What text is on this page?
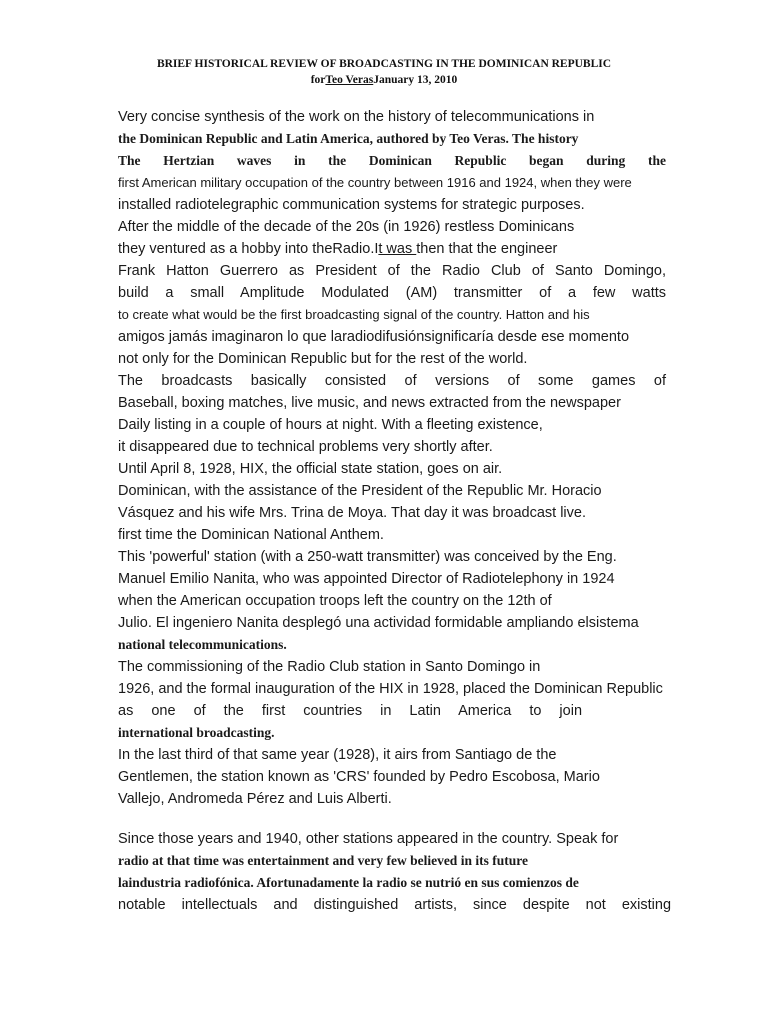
BRIEF HISTORICAL REVIEW OF BROADCASTING IN THE DOMINICAN REPUBLIC
forTeo VerasJanuary 13, 2010
Very concise synthesis of the work on the history of telecommunications in
the Dominican Republic and Latin America, authored by Teo Veras. The history
The Hertzian waves in the Dominican Republic began during the
first American military occupation of the country between 1916 and 1924, when they were
installed radiotelegraphic communication systems for strategic purposes.
After the middle of the decade of the 20s (in 1926) restless Dominicans
they ventured as a hobby into theRadio.It was then that the engineer
Frank Hatton Guerrero as President of the Radio Club of Santo Domingo,
build a small Amplitude Modulated (AM) transmitter of a few watts
to create what would be the first broadcasting signal of the country. Hatton and his
amigos jamás imaginaron lo que laradiodifusiónsignificaría desde ese momento
not only for the Dominican Republic but for the rest of the world.
The broadcasts basically consisted of versions of some games of
Baseball, boxing matches, live music, and news extracted from the newspaper
Daily listing in a couple of hours at night. With a fleeting existence,
it disappeared due to technical problems very shortly after.
Until April 8, 1928, HIX, the official state station, goes on air.
Dominican, with the assistance of the President of the Republic Mr. Horacio
Vásquez and his wife Mrs. Trina de Moya. That day it was broadcast live.
first time the Dominican National Anthem.
This 'powerful' station (with a 250-watt transmitter) was conceived by the Eng.
Manuel Emilio Nanita, who was appointed Director of Radiotelephony in 1924
when the American occupation troops left the country on the 12th of
Julio. El ingeniero Nanita desplegó una actividad formidable ampliando elsistema
national telecommunications.
The commissioning of the Radio Club station in Santo Domingo in
1926, and the formal inauguration of the HIX in 1928, placed the Dominican Republic
as one of the first countries in Latin America to join
international broadcasting.
In the last third of that same year (1928), it airs from Santiago de the
Gentlemen, the station known as 'CRS' founded by Pedro Escobosa, Mario
Vallejo, Andromeda Pérez and Luis Alberti.
Since those years and 1940, other stations appeared in the country. Speak for
radio at that time was entertainment and very few believed in its future
laindustria radiofónica. Afortunadamente la radio se nutrió en sus comienzos de
notable intellectuals and distinguished artists, since despite not existing
